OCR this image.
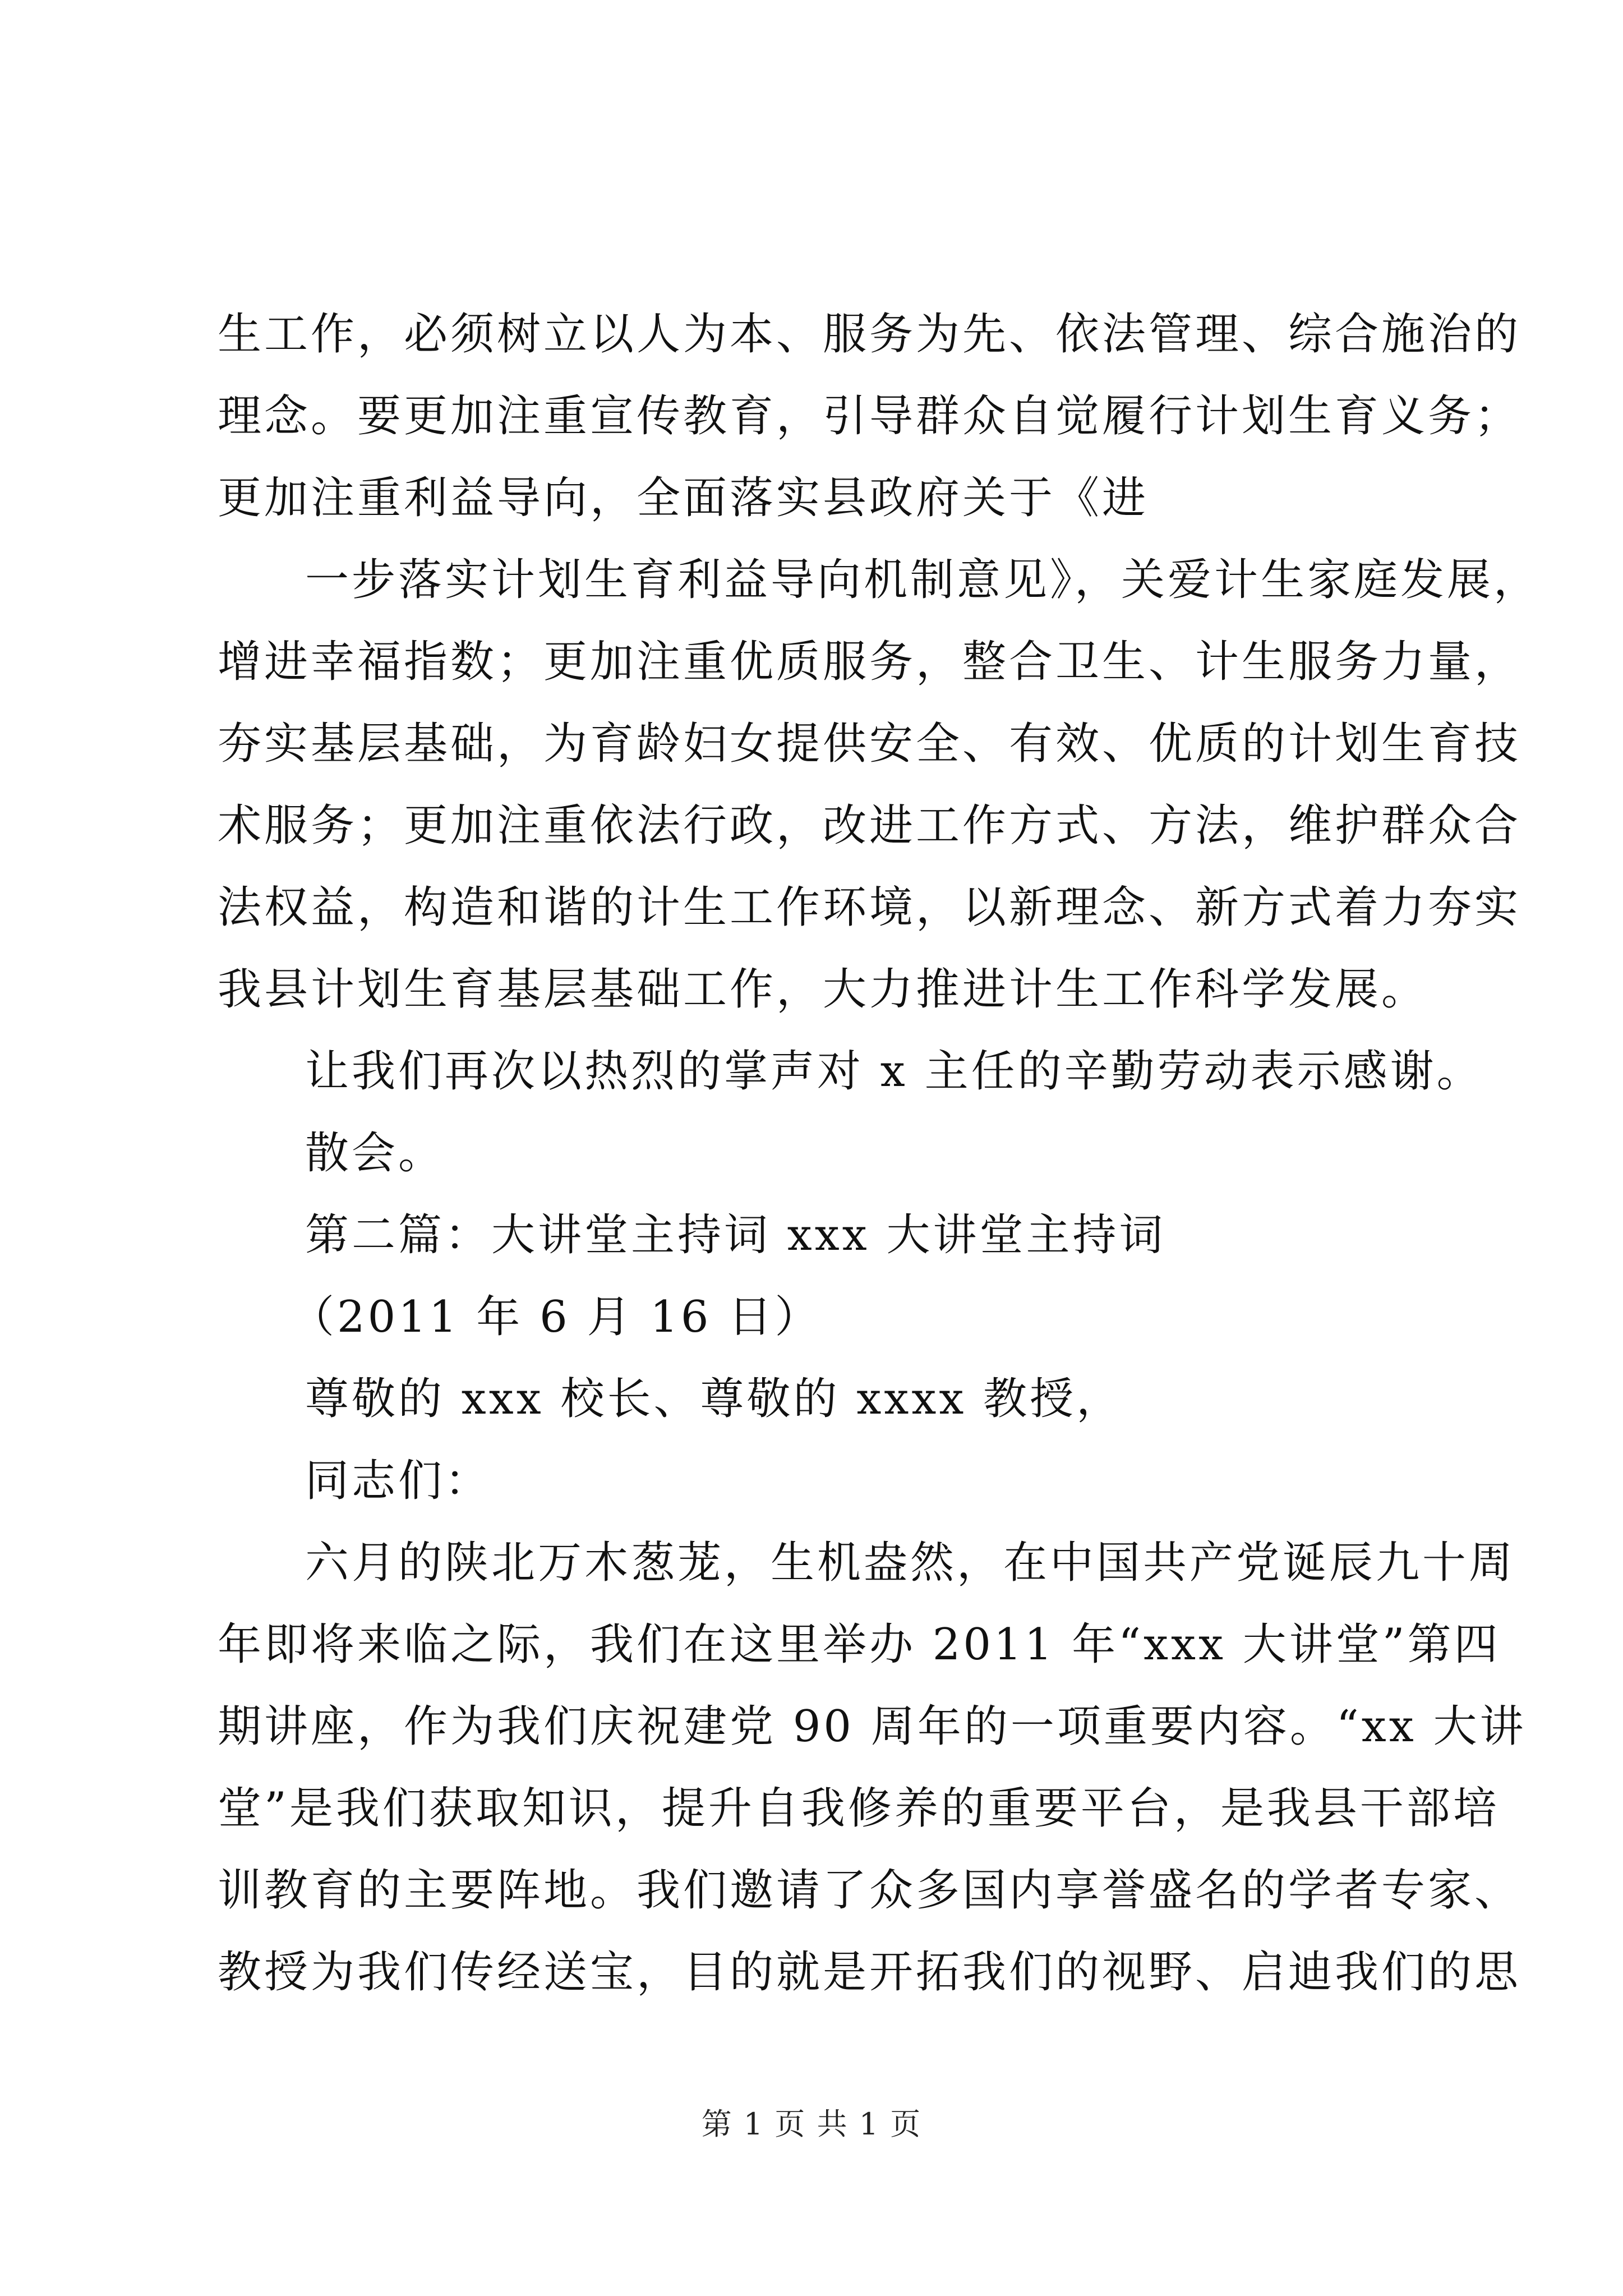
生工作，必须树立以人为本、服务为先、依法管理、综合施治的
理念。要更加注重宣传教育，引导群众自觉履行计划生育义务；
更加注重利益导向，全面落实县政府关于《进
一步落实计划生育利益导向机制意见》，关爱计生家庭发展，
增进幸福指数；更加注重优质服务，整合卫生、计生服务力量，
夯实基层基础，为育龄妇女提供安全、有效、优质的计划生育技
术服务；更加注重依法行政，改进工作方式、方法，维护群众合
法权益，构造和谐的计生工作环境，以新理念、新方式着力夯实
我县计划生育基层基础工作，大力推进计生工作科学发展。
让我们再次以热烈的掌声对 x 主任的辛勤劳动表示感谢。
散会。
第二篇：大讲堂主持词 xxx 大讲堂主持词
（2011 年 6 月 16 日）
尊敬的 xxx 校长、尊敬的 xxxx 教授，
同志们：
六月的陕北万木葱茏，生机盎然，在中国共产党诞辰九十周
年即将来临之际，我们在这里举办 2011 年“xxx 大讲堂”第四
期讲座，作为我们庆祝建党 90 周年的一项重要内容。“xx 大讲
堂”是我们获取知识，提升自我修养的重要平台，是我县干部培
训教育的主要阵地。我们邀请了众多国内享誉盛名的学者专家、
教授为我们传经送宝，目的就是开拓我们的视野、启迪我们的思
第 1 页 共 1 页
